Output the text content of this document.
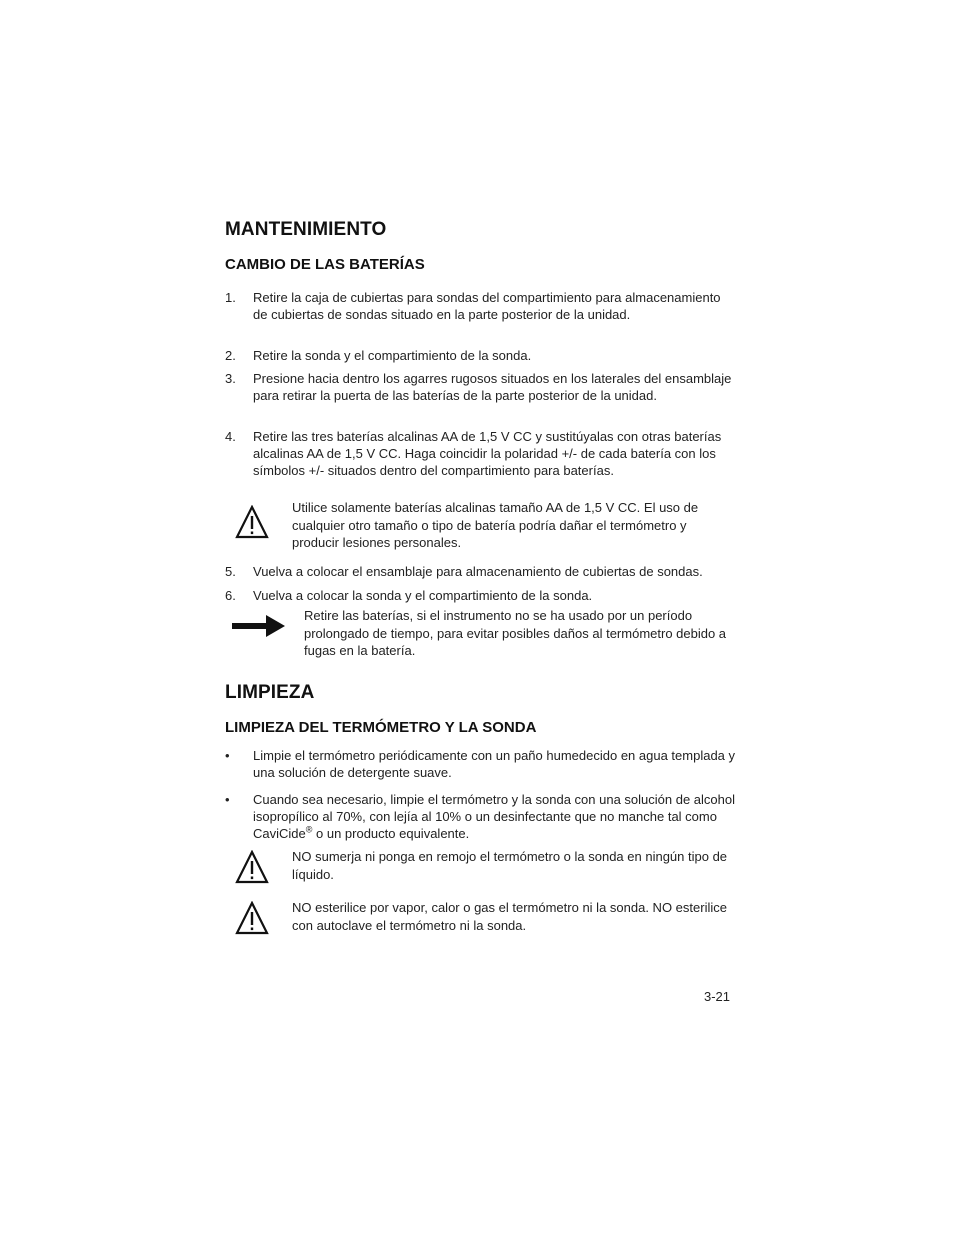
MANTENIMIENTO
CAMBIO DE LAS BATERÍAS
1. Retire la caja de cubiertas para sondas del compartimiento para almacenamiento de cubiertas de sondas situado en la parte posterior de la unidad.
2. Retire la sonda y el compartimiento de la sonda.
3. Presione hacia dentro los agarres rugosos situados en los laterales del ensamblaje para retirar la puerta de las baterías de la parte posterior de la unidad.
4. Retire las tres baterías alcalinas AA de 1,5 V CC y sustitúyalas con otras baterías alcalinas AA de 1,5 V CC. Haga coincidir la polaridad +/- de cada batería con los símbolos +/- situados dentro del compartimiento para baterías.
Utilice solamente baterías alcalinas tamaño AA de 1,5 V CC. El uso de cualquier otro tamaño o tipo de batería podría dañar el termómetro y producir lesiones personales.
5. Vuelva a colocar el ensamblaje para almacenamiento de cubiertas de sondas.
6. Vuelva a colocar la sonda y el compartimiento de la sonda.
Retire las baterías, si el instrumento no se ha usado por un período prolongado de tiempo, para evitar posibles daños al termómetro debido a fugas en la batería.
LIMPIEZA
LIMPIEZA DEL TERMÓMETRO Y LA SONDA
• Limpie el termómetro periódicamente con un paño humedecido en agua templada y una solución de detergente suave.
• Cuando sea necesario, limpie el termómetro y la sonda con una solución de alcohol isopropílico al 70%, con lejía al 10% o un desinfectante que no manche tal como CaviCide® o un producto equivalente.
NO sumerja ni ponga en remojo el termómetro o la sonda en ningún tipo de líquido.
NO esterilice por vapor, calor o gas el termómetro ni la sonda. NO esterilice con autoclave el termómetro ni la sonda.
3-21
